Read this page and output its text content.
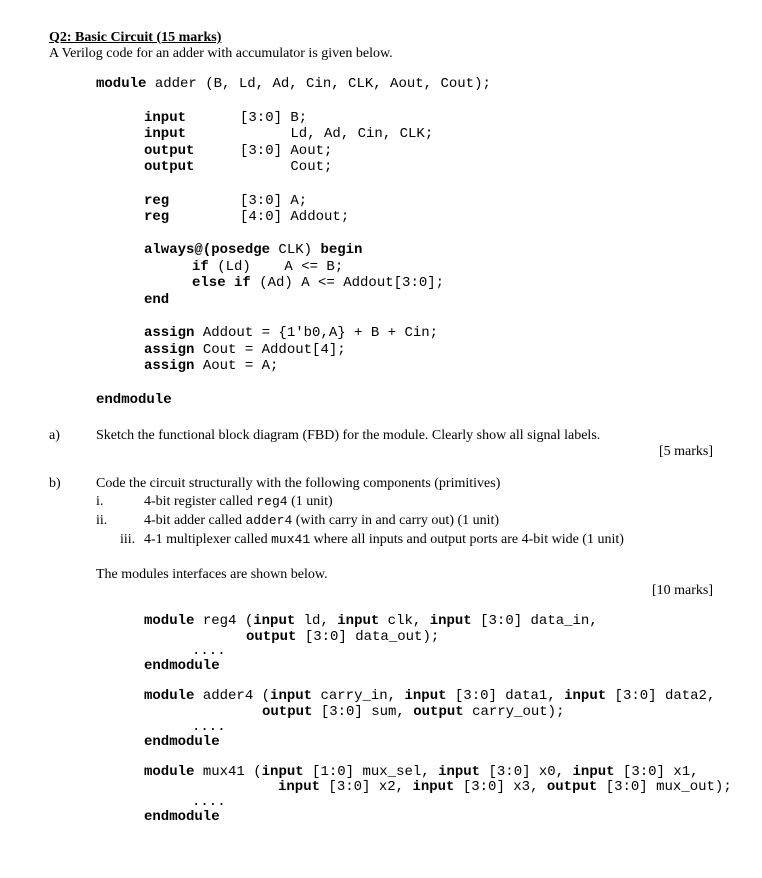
Q2: Basic Circuit (15 marks)
A Verilog code for an adder with accumulator is given below.
module adder (B, Ld, Ad, Cin, CLK, Aout, Cout);
input	[3:0] B;
input	Ld, Ad, Cin, CLK;
output	[3:0] Aout;
output	Cout;
reg	[3:0] A;
reg	[4:0] Addout;
always@(posedge CLK) begin
if (Ld)    A <= B;
else if (Ad) A <= Addout[3:0];
end
assign Addout = {1'b0,A} + B + Cin;
assign Cout = Addout[4];
assign Aout = A;
endmodule
a)	Sketch the functional block diagram (FBD) for the module. Clearly show all signal labels.
[5 marks]
b)	Code the circuit structurally with the following components (primitives)
i.	4-bit register called reg4 (1 unit)
ii.	4-bit adder called adder4 (with carry in and carry out) (1 unit)
iii. 4-1 multiplexer called mux41 where all inputs and output ports are 4-bit wide (1 unit)
The modules interfaces are shown below.
[10 marks]
module reg4 (input ld, input clk, input [3:0] data_in,
output [3:0] data_out);
....
endmodule
module adder4 (input carry_in, input [3:0] data1, input [3:0] data2,
output [3:0] sum, output carry_out);
....
endmodule
module mux41 (input [1:0] mux_sel, input [3:0] x0, input [3:0] x1,
input [3:0] x2, input [3:0] x3, output [3:0] mux_out);
....
endmodule
